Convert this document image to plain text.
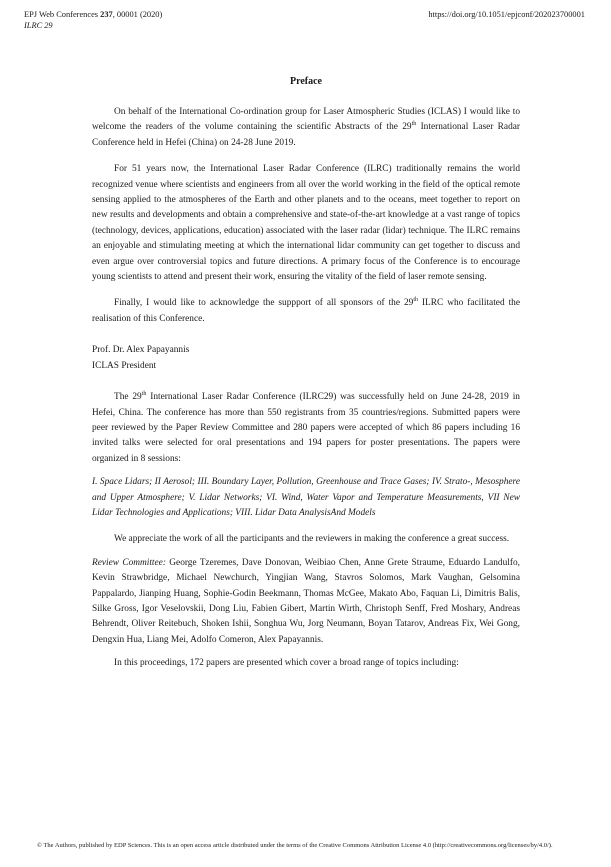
EPJ Web Conferences 237, 00001 (2020)
ILRC 29
https://doi.org/10.1051/epjconf/202023700001
Preface

On behalf of the International Co-ordination group for Laser Atmospheric Studies (ICLAS) I would like to welcome the readers of the volume containing the scientific Abstracts of the 29th International Laser Radar Conference held in Hefei (China) on 24-28 June 2019.

For 51 years now, the International Laser Radar Conference (ILRC) traditionally remains the world recognized venue where scientists and engineers from all over the world working in the field of the optical remote sensing applied to the atmospheres of the Earth and other planets and to the oceans, meet together to report on new results and developments and obtain a comprehensive and state-of-the-art knowledge at a vast range of topics (technology, devices, applications, education) associated with the laser radar (lidar) technique. The ILRC remains an enjoyable and stimulating meeting at which the international lidar community can get together to discuss and even argue over controversial topics and future directions. A primary focus of the Conference is to encourage young scientists to attend and present their work, ensuring the vitality of the field of laser remote sensing.

Finally, I would like to acknowledge the suppport of all sponsors of the 29th ILRC who facilitated the realisation of this Conference.

Prof. Dr. Alex Papayannis

ICLAS President

The 29th International Laser Radar Conference (ILRC29) was successfully held on June 24-28, 2019 in Hefei, China. The conference has more than 550 registrants from 35 countries/regions. Submitted papers were peer reviewed by the Paper Review Committee and 280 papers were accepted of which 86 papers including 16 invited talks were selected for oral presentations and 194 papers for poster presentations. The papers were organized in 8 sessions:

I. Space Lidars; II Aerosol; III. Boundary Layer, Pollution, Greenhouse and Trace Gases; IV. Strato-, Mesosphere and Upper Atmosphere; V. Lidar Networks; VI. Wind, Water Vapor and Temperature Measurements, VII New Lidar Technologies and Applications; VIII. Lidar Data AnalysisAnd Models

We appreciate the work of all the participants and the reviewers in making the conference a great success.

Review Committee: George Tzeremes, Dave Donovan, Weibiao Chen, Anne Grete Straume, Eduardo Landulfo, Kevin Strawbridge, Michael Newchurch, Yingjian Wang, Stavros Solomos, Mark Vaughan, Gelsomina Pappalardo, Jianping Huang, Sophie-Godin Beekmann, Thomas McGee, Makato Abo, Faquan Li, Dimitris Balis, Silke Gross, Igor Veselovskii, Dong Liu, Fabien Gibert, Martin Wirth, Christoph Senff, Fred Moshary, Andreas Behrendt, Oliver Reitebuch, Shoken Ishii, Songhua Wu, Jorg Neumann, Boyan Tatarov, Andreas Fix, Wei Gong, Dengxin Hua, Liang Mei, Adolfo Comeron, Alex Papayannis.

In this proceedings, 172 papers are presented which cover a broad range of topics including:

© The Authors, published by EDP Sciences. This is an open access article distributed under the terms of the Creative Commons Attribution License 4.0 (http://creativecommons.org/licenses/by/4.0/).
